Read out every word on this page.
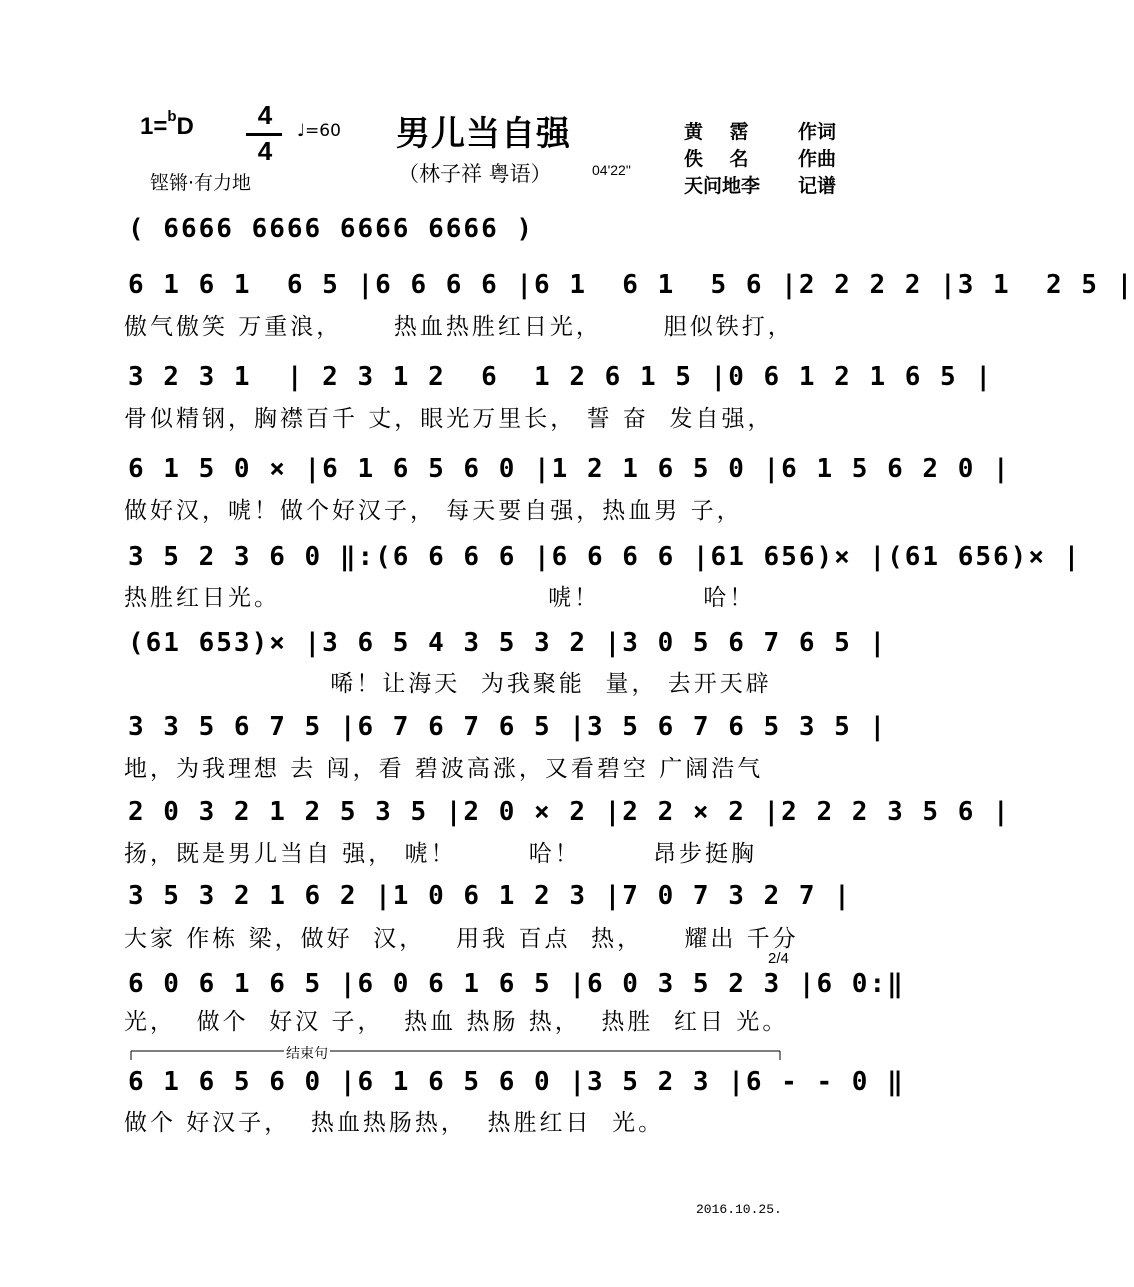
1=$^b$D 4
4
♩=60
铿锵·有力地
男儿当自强
（林子祥 粤语）	04'22"
黄    霑	作词
佚    名	作曲
天问地李 记谱
( 6666 6666 6666 6666 )
6 1 6 1  6 5 |6 6 6 6 |6 1  6 1  5 6 |2 2 2 2 |3 1  2 5 |
傲气傲笑 万重浪，     热血热胜红日光，      胆似铁打，
3 2 3 1  | 2 3 1 2  6  1 2 6 1 5 |0 6 1 2 1 6 5 |
骨似精钢，胸襟百千 丈，眼光万里长， 誓 奋  发自强，
6 1 5 0 × |6 1 6 5 6 0 |1 2 1 6 5 0 |6 1 5 6 2 0 |
做好汉，唬！做个好汉子， 每天要自强，热血男 子，
3 5 2 3 6 0 ‖:(6 6 6 6 |6 6 6 6 |61 656)× |(61 656)× |
热胜红日光。                          唬！          哈！
(61 653)× |3 6 5 4 3 5 3 2 |3 0 5 6 7 6 5 |
唏！让海天  为我聚能  量， 去开天辟
3 3 5 6 7 5 |6 7 6 7 6 5 |3 5 6 7 6 5 3 5 |
地，为我理想 去 闯，看 碧波高涨，又看碧空 广阔浩气
2 0 3 2 1 2 5 3 5 |2 0 × 2 |2 2 × 2 |2 2 2 3 5 6 |
扬，既是男儿当自 强， 唬！       哈！       昂步挺胸
3 5 3 2 1 6 2 |1 0 6 1 2 3 |7 0 7 3 2 7 |
大家 作栋 梁，做好  汉，   用我 百点  热，    耀出 千分
2/4
6 0 6 1 6 5 |6 0 6 1 6 5 |6 0 3 5 2 3 |6 0:‖
光，  做个  好汉 子，  热血 热肠 热，  热胜  红日 光。
结束句
6 1 6 5 6 0 |6 1 6 5 6 0 |3 5 2 3 |6 - - 0 ‖
做个 好汉子，  热血热肠热，  热胜红日  光。
2016.10.25.
